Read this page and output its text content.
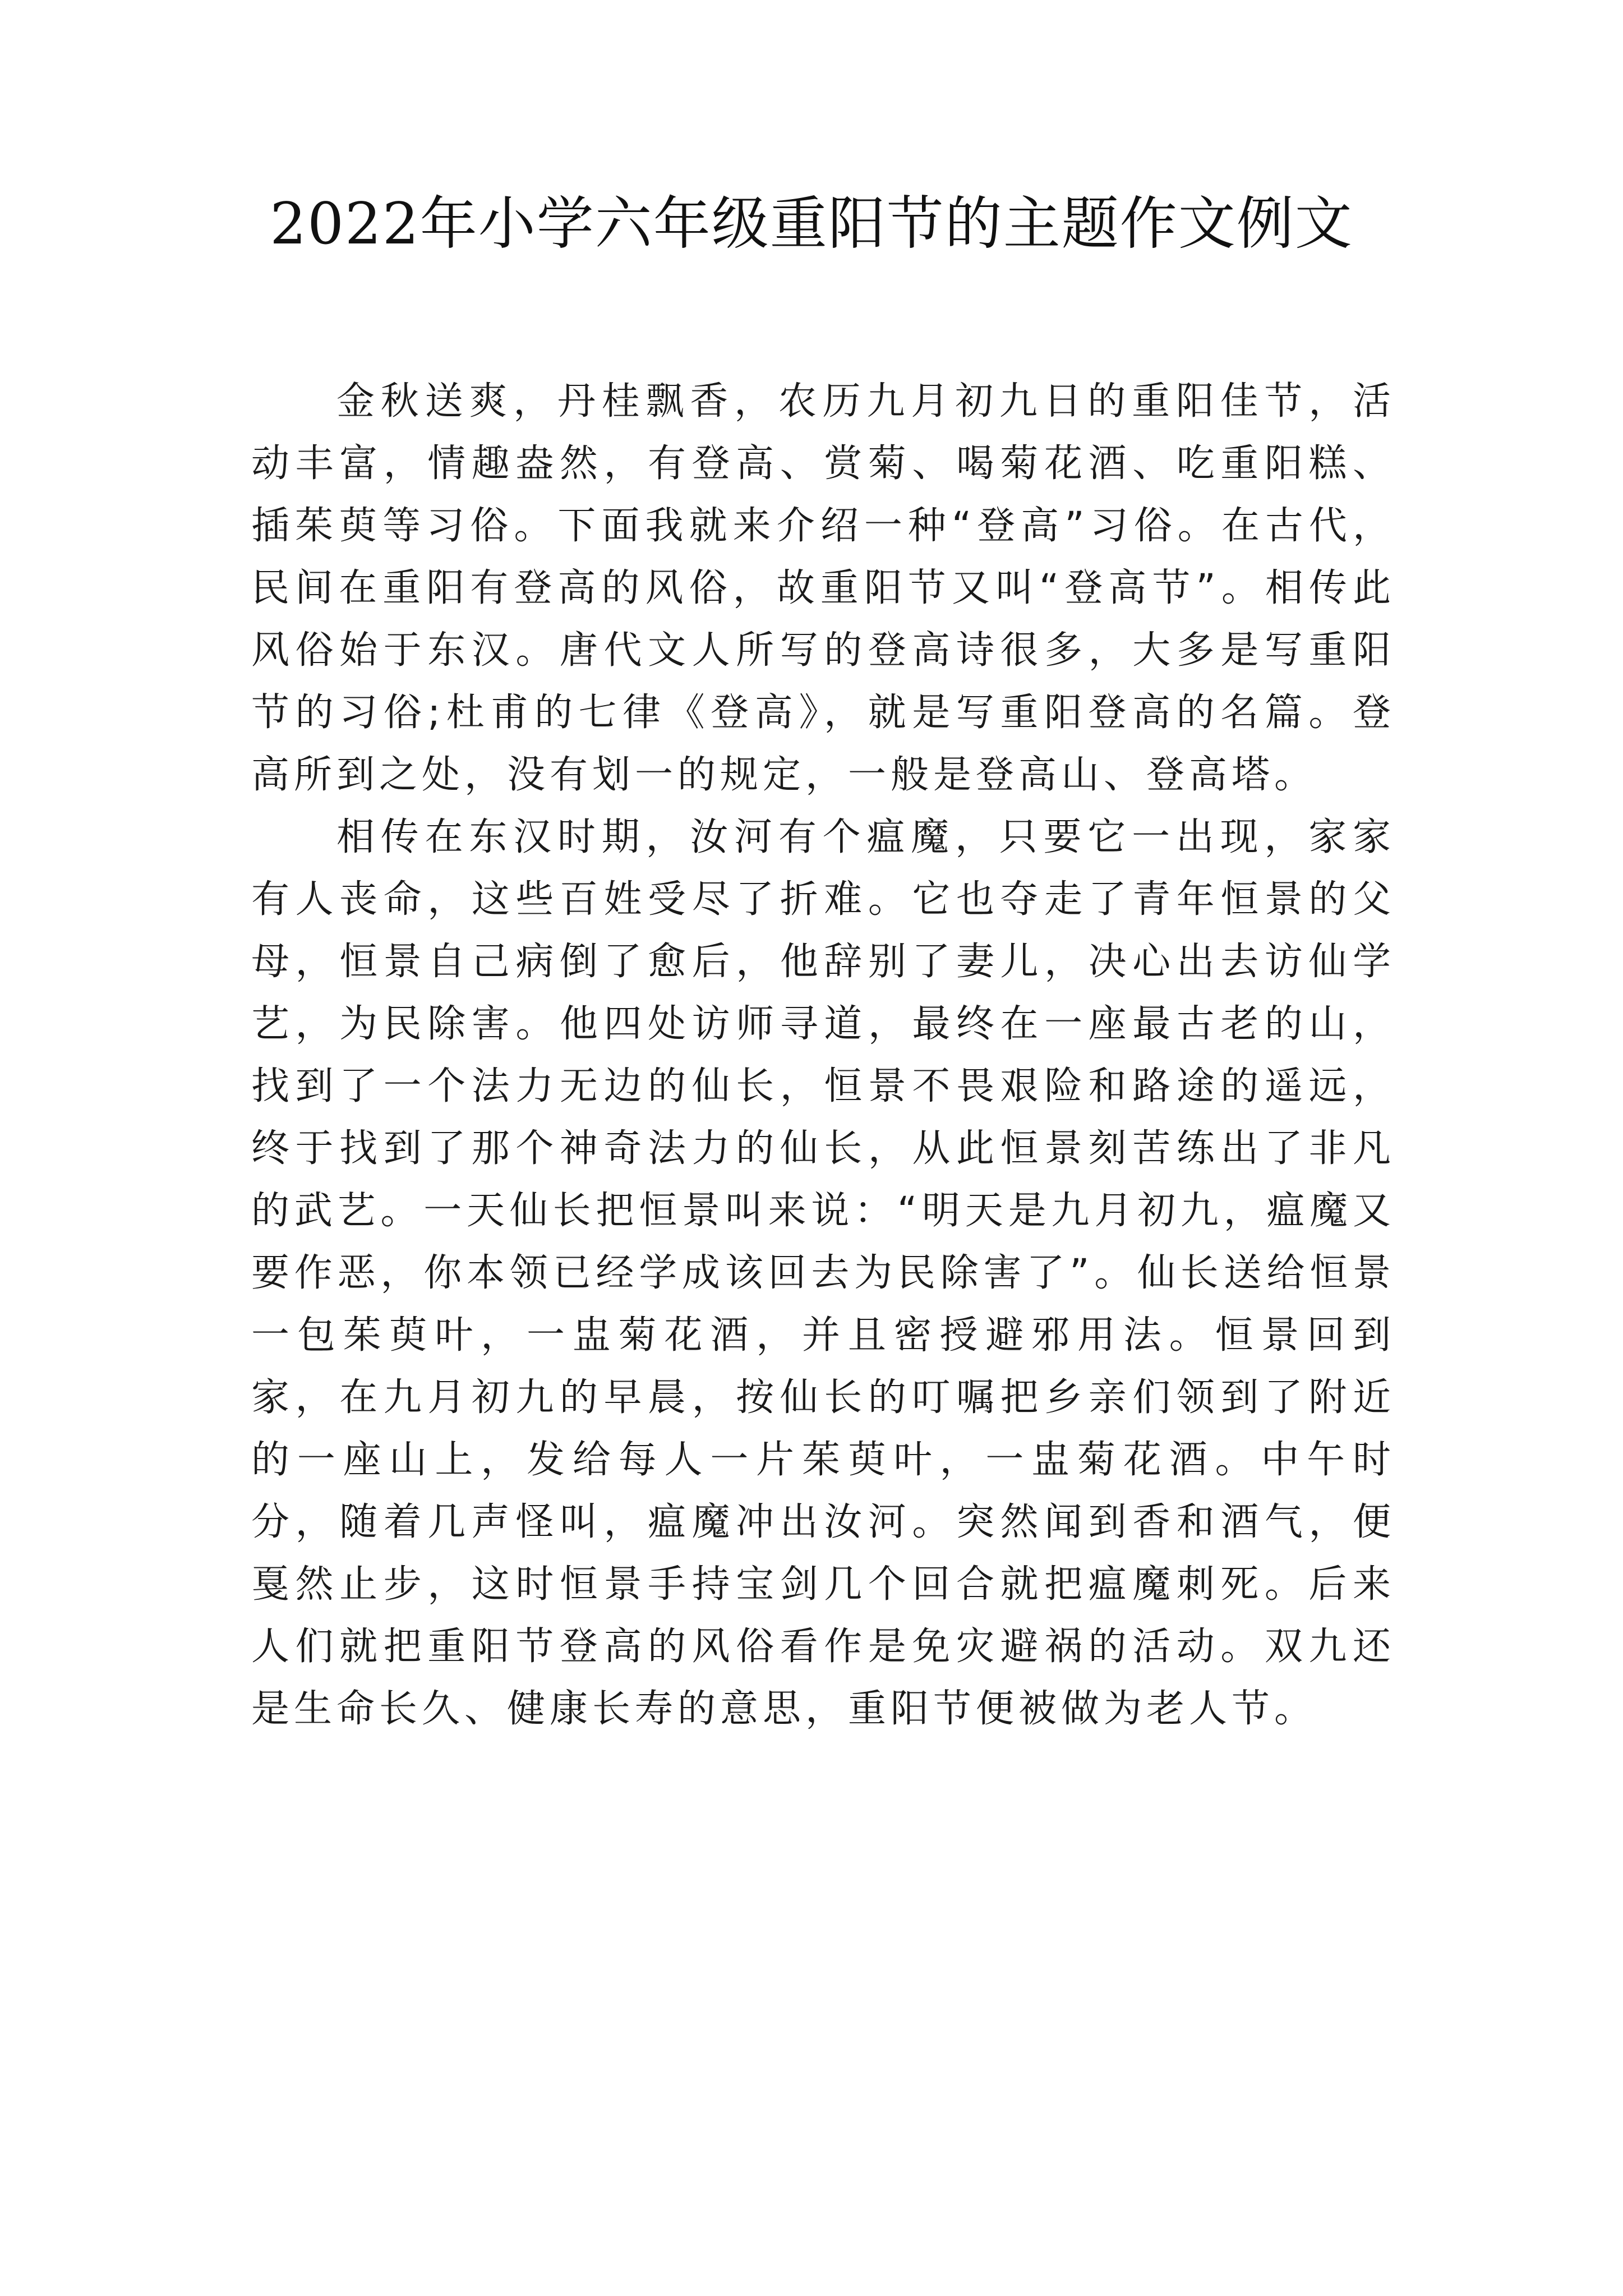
2022年小学六年级重阳节的主题作文例文

金秋送爽，丹桂飘香，农历九月初九日的重阳佳节，活动丰富，情趣盎然，有登高、赏菊、喝菊花酒、吃重阳糕、插茱萸等习俗。下面我就来介绍一种“登高”习俗。在古代，民间在重阳有登高的风俗，故重阳节又叫“登高节”。相传此风俗始于东汉。唐代文人所写的登高诗很多，大多是写重阳节的习俗;杜甫的七律《登高》，就是写重阳登高的名篇。登高所到之处，没有划一的规定，一般是登高山、登高塔。

相传在东汉时期，汝河有个瘟魔，只要它一出现，家家有人丧命，这些百姓受尽了折难。它也夺走了青年恒景的父母，恒景自己病倒了愈后，他辞别了妻儿，决心出去访仙学艺，为民除害。他四处访师寻道，最终在一座最古老的山，找到了一个法力无边的仙长，恒景不畏艰险和路途的遥远，终于找到了那个神奇法力的仙长，从此恒景刻苦练出了非凡的武艺。一天仙长把恒景叫来说：“明天是九月初九，瘟魔又要作恶，你本领已经学成该回去为民除害了”。仙长送给恒景一包茱萸叶，一盅菊花酒，并且密授避邪用法。恒景回到家，在九月初九的早晨，按仙长的叮嘱把乡亲们领到了附近的一座山上，发给每人一片茱萸叶，一盅菊花酒。中午时分，随着几声怪叫，瘟魔冲出汝河。突然闻到香和酒气，便戛然止步，这时恒景手持宝剑几个回合就把瘟魔刺死。后来人们就把重阳节登高的风俗看作是免灾避祸的活动。双九还是生命长久、健康长寿的意思，重阳节便被做为老人节。
